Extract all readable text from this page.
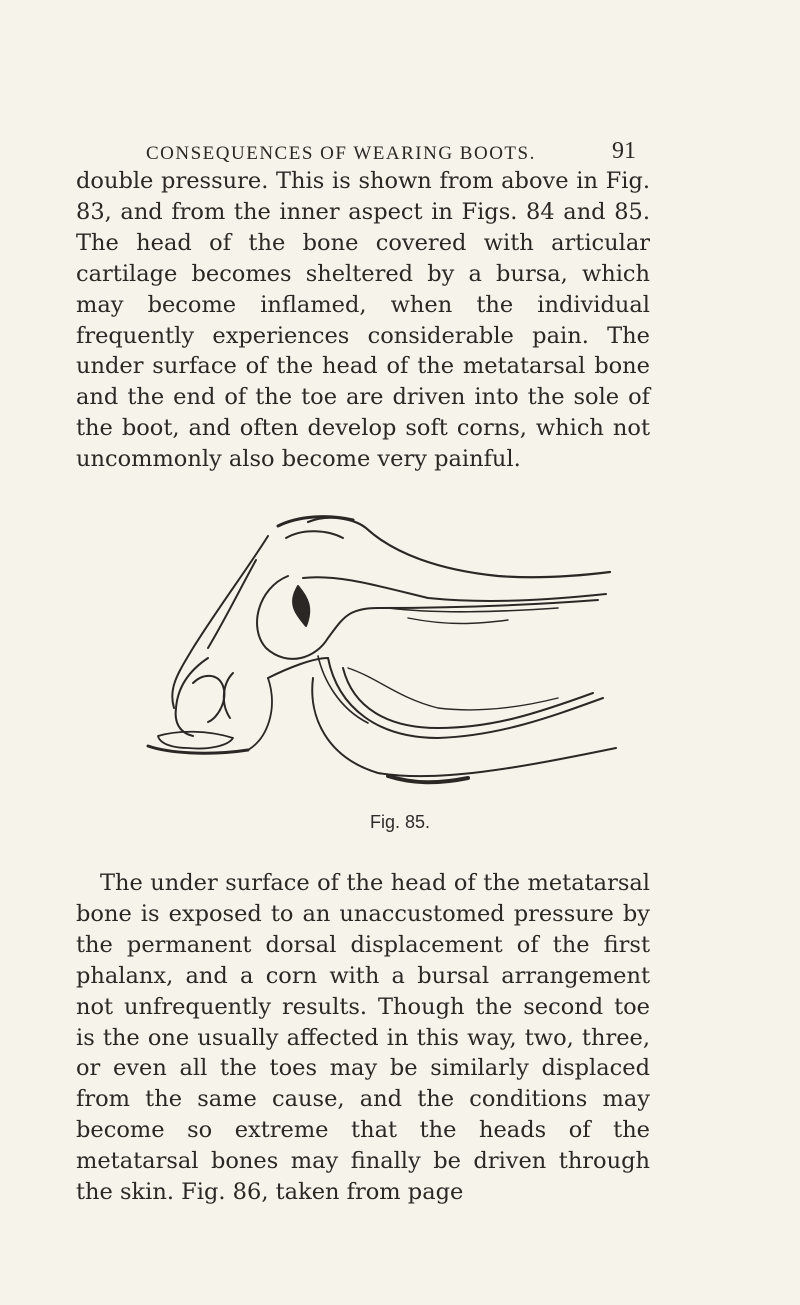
CONSEQUENCES OF WEARING BOOTS.	91

double pressure. This is shown from above in Fig. 83, and from the inner aspect in Figs. 84 and 85. The head of the bone covered with articular cartilage becomes sheltered by a bursa, which may become inflamed, when the individual frequently experiences considerable pain. The under surface of the head of the metatarsal bone and the end of the toe are driven into the sole of the boot, and often develop soft corns, which not uncommonly also become very painful.

Fig. 85.

The under surface of the head of the metatarsal bone is exposed to an unaccustomed pressure by the permanent dorsal displacement of the first phalanx, and a corn with a bursal arrangement not unfrequently results. Though the second toe is the one usually affected in this way, two, three, or even all the toes may be similarly displaced from the same cause, and the conditions may become so extreme that the heads of the metatarsal bones may finally be driven through the skin. Fig. 86, taken from page
